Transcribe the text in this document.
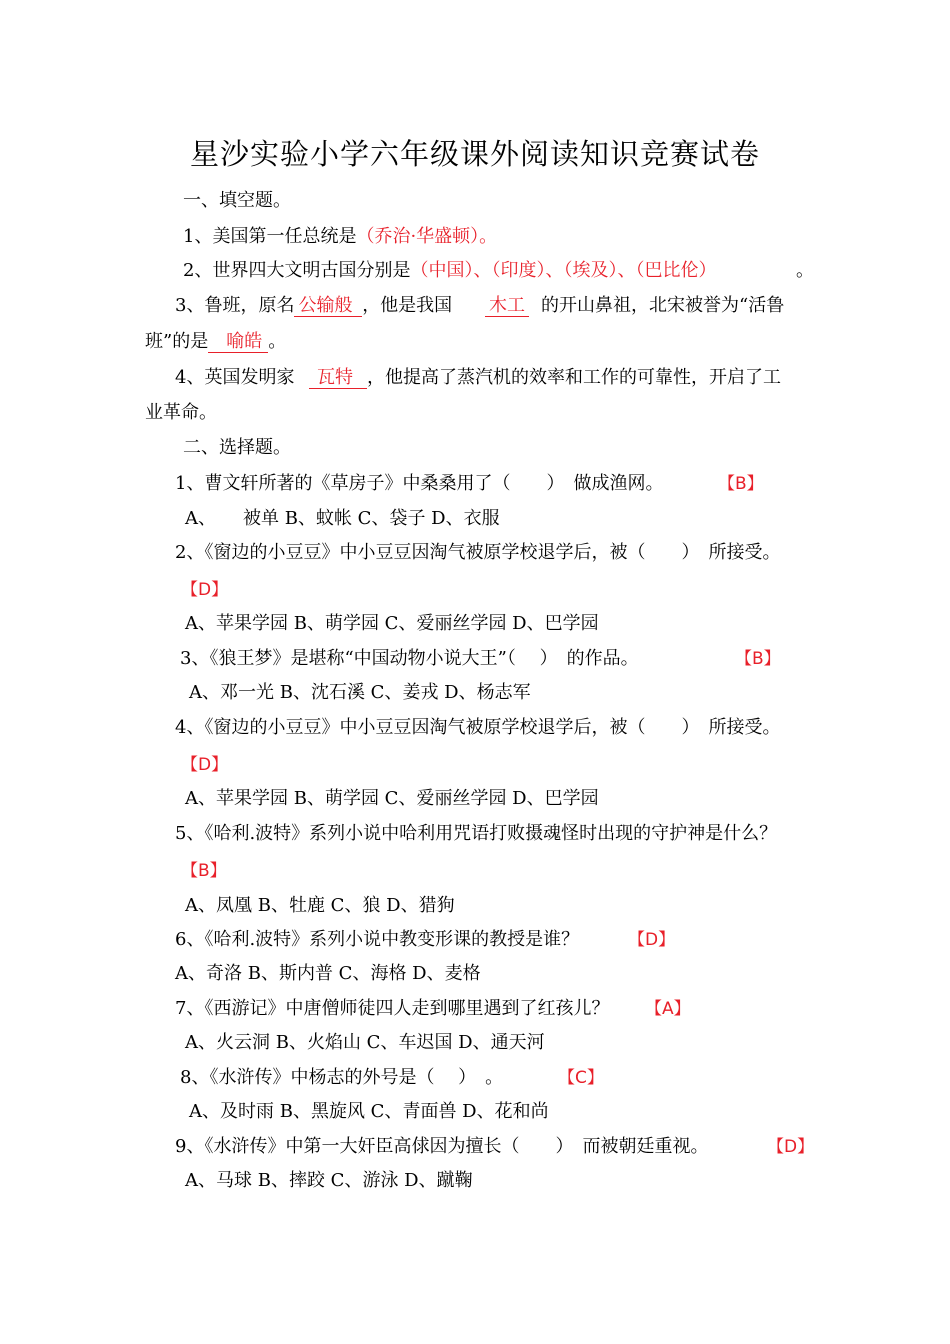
星沙实验小学六年级课外阅读知识竞赛试卷
一、填空题。
1、美国第一任总统是（乔治·华盛顿）。
2、世界四大文明古国分别是（中国）、（印度）、（埃及）、（巴比伦）	。
3、鲁班，原名 公输般 ，他是我国 木工 的开山鼻祖，北宋被誉为“活鲁
班”的是 喻皓 。
4、英国发明家	瓦特 ，他提高了蒸汽机的效率和工作的可靠性，开启了工
业革命。
二、选择题。
1、曹文轩所著的《草房子》中桑桑用了（　　）　做成渔网。	【B】
A、　　被单 B、蚊帐 C、袋子 D、衣服
2、《窗边的小豆豆》中小豆豆因淘气被原学校退学后，被（　　）　所接受。
【D】
A、苹果学园 B、萌学园 C、爱丽丝学园 D、巴学园
3、《狼王梦》是堪称“中国动物小说大王”（　 ）　的作品。	【B】
A、邓一光 B、沈石溪 C、姜戎 D、杨志军
4、《窗边的小豆豆》中小豆豆因淘气被原学校退学后，被（　　）　所接受。
【D】
A、苹果学园 B、萌学园 C、爱丽丝学园 D、巴学园
5、《哈利.波特》系列小说中哈利用咒语打败摄魂怪时出现的守护神是什么？
【B】
A、凤凰 B、牡鹿 C、狼 D、猎狗
6、《哈利.波特》系列小说中教变形课的教授是谁？	【D】
A、奇洛 B、斯内普 C、海格 D、麦格
7、《西游记》中唐僧师徒四人走到哪里遇到了红孩儿？ 【A】
A、火云洞 B、火焰山 C、车迟国 D、通天河
8、《水浒传》中杨志的外号是（　 ）　。	【C】
A、及时雨 B、黑旋风 C、青面兽 D、花和尚
9、《水浒传》中第一大奸臣高俅因为擅长（　　）　而被朝廷重视。	【D】
A、马球 B、摔跤 C、游泳 D、蹴鞠
